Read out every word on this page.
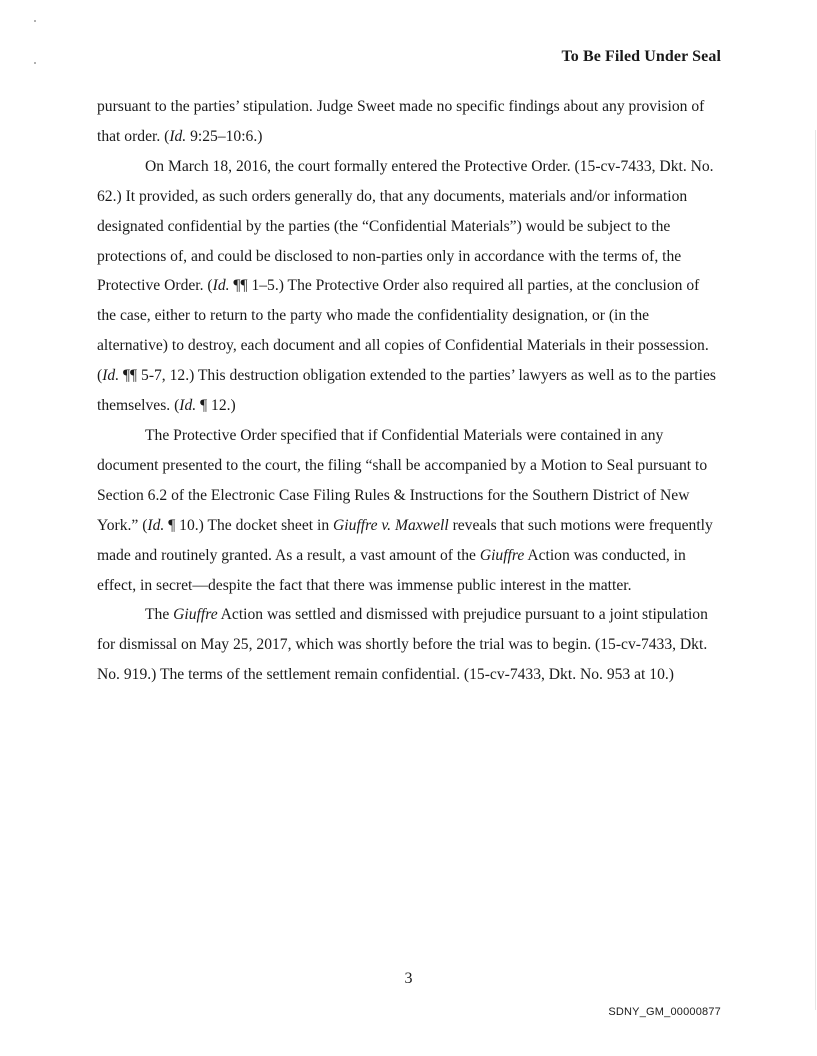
To Be Filed Under Seal

pursuant to the parties’ stipulation. Judge Sweet made no specific findings about any provision of that order. (Id. 9:25–10:6.)

On March 18, 2016, the court formally entered the Protective Order. (15-cv-7433, Dkt. No. 62.) It provided, as such orders generally do, that any documents, materials and/or information designated confidential by the parties (the “Confidential Materials”) would be subject to the protections of, and could be disclosed to non-parties only in accordance with the terms of, the Protective Order. (Id. ¶¶ 1–5.) The Protective Order also required all parties, at the conclusion of the case, either to return to the party who made the confidentiality designation, or (in the alternative) to destroy, each document and all copies of Confidential Materials in their possession. (Id. ¶¶ 5-7, 12.) This destruction obligation extended to the parties’ lawyers as well as to the parties themselves. (Id. ¶ 12.)

The Protective Order specified that if Confidential Materials were contained in any document presented to the court, the filing “shall be accompanied by a Motion to Seal pursuant to Section 6.2 of the Electronic Case Filing Rules & Instructions for the Southern District of New York.” (Id. ¶ 10.) The docket sheet in Giuffre v. Maxwell reveals that such motions were frequently made and routinely granted. As a result, a vast amount of the Giuffre Action was conducted, in effect, in secret—despite the fact that there was immense public interest in the matter.

The Giuffre Action was settled and dismissed with prejudice pursuant to a joint stipulation for dismissal on May 25, 2017, which was shortly before the trial was to begin. (15-cv-7433, Dkt. No. 919.) The terms of the settlement remain confidential. (15-cv-7433, Dkt. No. 953 at 10.)

3
SDNY_GM_00000877
